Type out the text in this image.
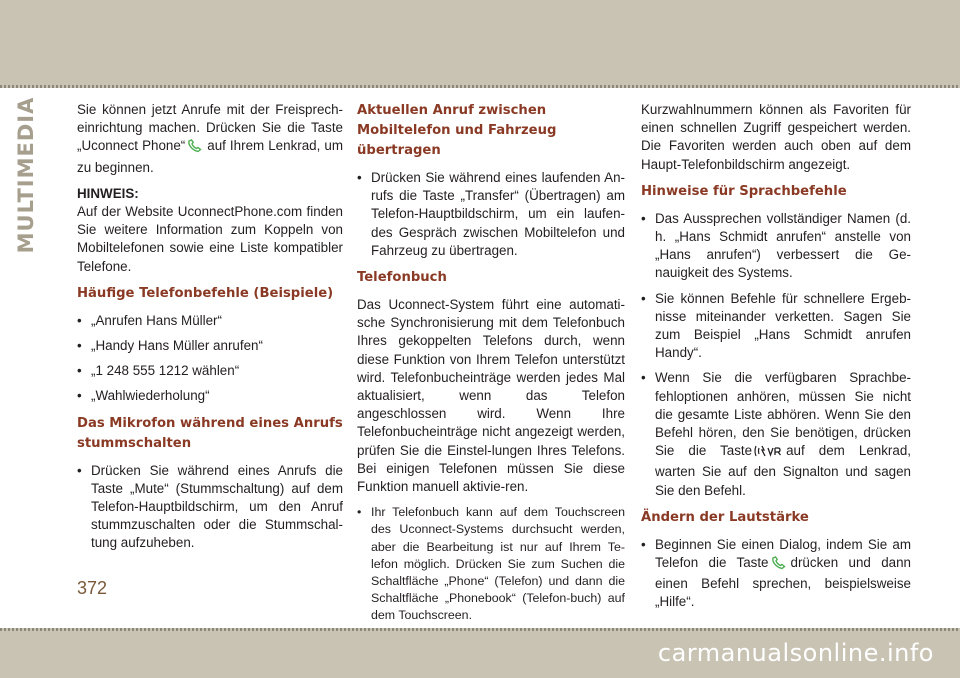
MULTIMEDIA	Sie können jetzt Anrufe mit der Freisprech-einrichtung machen. Drücken Sie die Taste „Uconnect Phone“ auf Ihrem Lenkrad, um zu beginnen.

HINWEIS:

Auf der Website UconnectPhone.com finden Sie weitere Information zum Koppeln von Mobiltelefonen sowie eine Liste kompatibler Telefone.

Häufige Telefonbefehle (Beispiele)
• „Anrufen Hans Müller“
• „Handy Hans Müller anrufen“
• „1 248 555 1212 wählen“
• „Wahlwiederholung“
Das Mikrofon während eines Anrufs stummschalten
• Drücken Sie während eines Anrufs die Taste „Mute“ (Stummschaltung) auf dem Telefon-Hauptbildschirm, um den Anruf stummzuschalten oder die Stummschal-tung aufzuheben.
Aktuellen Anruf zwischen Mobiltelefon und Fahrzeug übertragen
• Drücken Sie während eines laufenden An-rufs die Taste „Transfer“ (Übertragen) am Telefon-Hauptbildschirm, um ein laufen-des Gespräch zwischen Mobiltelefon und Fahrzeug zu übertragen.
Telefonbuch

Das Uconnect-System führt eine automati-sche Synchronisierung mit dem Telefonbuch Ihres gekoppelten Telefons durch, wenn diese Funktion von Ihrem Telefon unterstützt wird. Telefonbucheinträge werden jedes Mal aktualisiert, wenn das Telefon angeschlossen wird. Wenn Ihre Telefonbucheinträge nicht angezeigt werden, prüfen Sie die Einstel-lungen Ihres Telefons. Bei einigen Telefonen müssen Sie diese Funktion manuell aktivie-ren.

• Ihr Telefonbuch kann auf dem Touchscreen des Uconnect-Systems durchsucht werden, aber die Bearbeitung ist nur auf Ihrem Te-lefon möglich. Drücken Sie zum Suchen die Schaltfläche „Phone“ (Telefon) und dann die Schaltfläche „Phonebook“ (Telefon-buch) auf dem Touchscreen.

Kurzwahlnummern können als Favoriten für einen schnellen Zugriff gespeichert werden. Die Favoriten werden auch oben auf dem Haupt-Telefonbildschirm angezeigt.

Hinweise für Sprachbefehle
• Das Aussprechen vollständiger Namen (d. h. „Hans Schmidt anrufen“ anstelle von „Hans anrufen“) verbessert die Ge-nauigkeit des Systems.
• Sie können Befehle für schnellere Ergeb-nisse miteinander verketten. Sagen Sie zum Beispiel „Hans Schmidt anrufen Handy“.
• Wenn Sie die verfügbaren Sprachbe-fehloptionen anhören, müssen Sie nicht die gesamte Liste abhören. Wenn Sie den Befehl hören, den Sie benötigen, drücken Sie die Taste	auf dem Lenkrad, warten Sie auf den Signalton und sagen Sie den Befehl.
Ändern der Lautstärke
• Beginnen Sie einen Dialog, indem Sie am Telefon die Taste drücken und dann einen Befehl sprechen, beispielsweise „Hilfe“.
372
carmanualsonline.info
